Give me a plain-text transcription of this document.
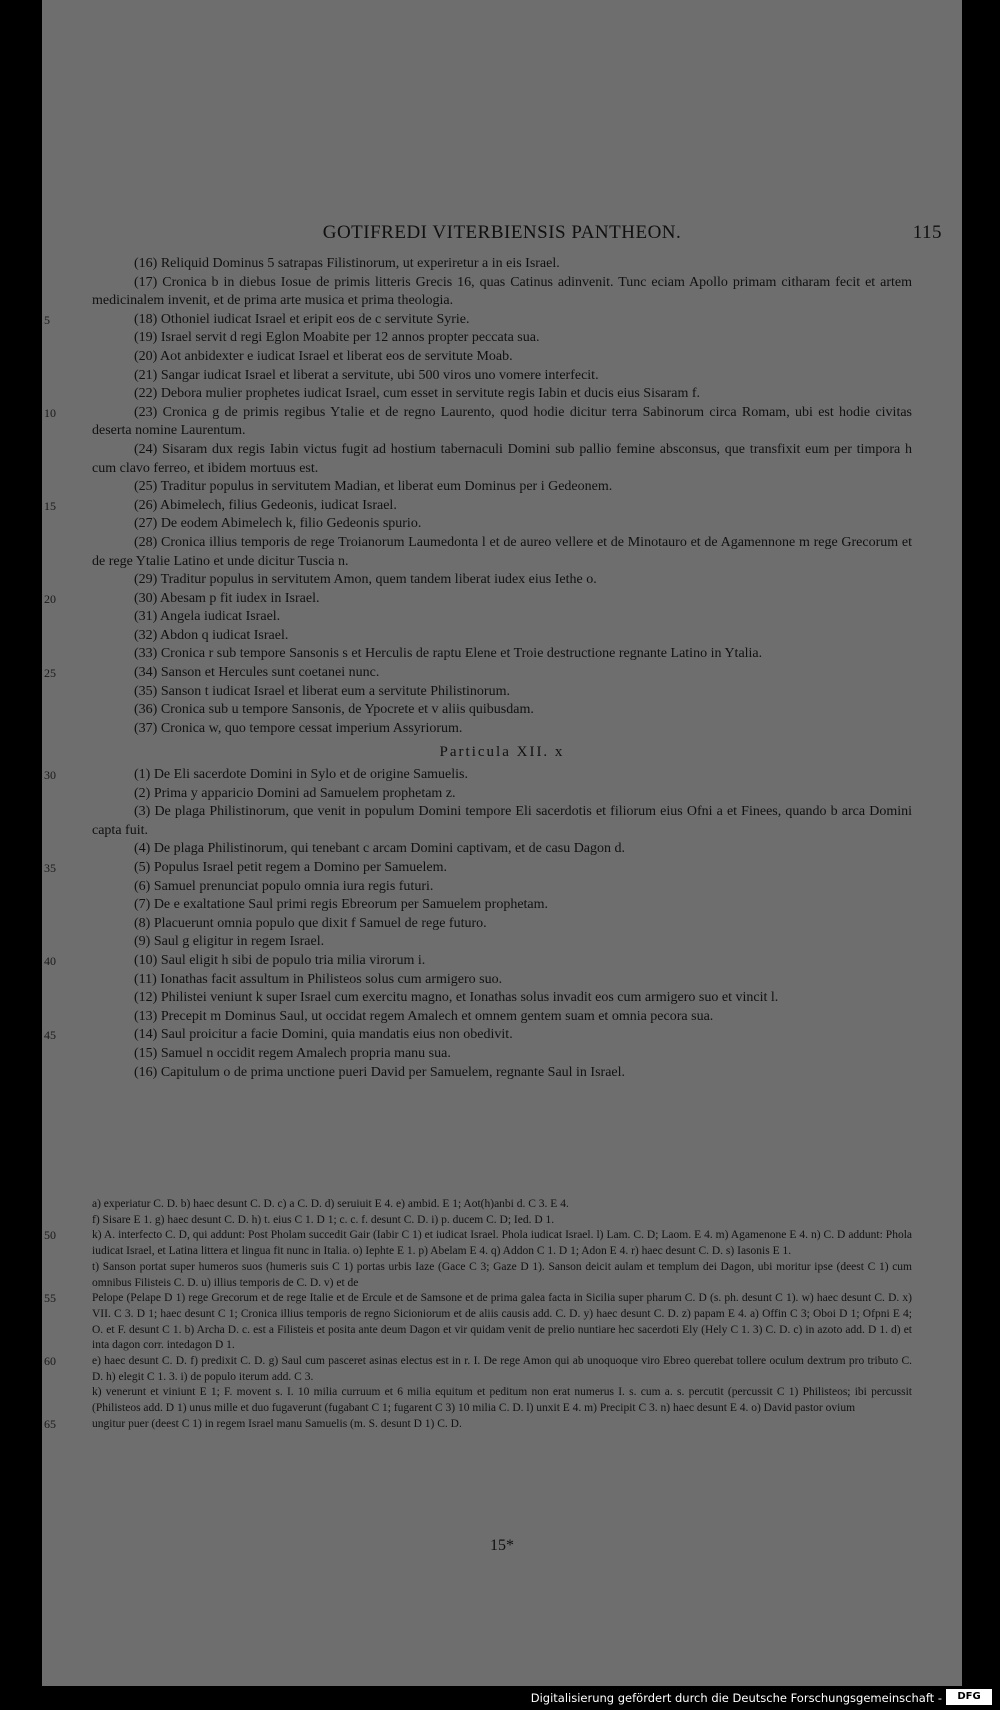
GOTIFREDI VITERBIENSIS PANTHEON.	115
(16) Reliquid Dominus 5 satrapas Filistinorum, ut experiretur a in eis Israel.
(17) Cronica b in diebus Iosue de primis litteris Grecis 16, quas Catinus adinvenit. Tunc eciam Apollo primam citharam fecit et artem medicinalem invenit, et de prima arte musica et prima theologia.
5	(18) Othoniel iudicat Israel et eripit eos de c servitute Syrie.
(19) Israel servit d regi Eglon Moabite per 12 annos propter peccata sua.
(20) Aot anbidexter e iudicat Israel et liberat eos de servitute Moab.
(21) Sangar iudicat Israel et liberat a servitute, ubi 500 viros uno vomere interfecit.
(22) Debora mulier prophetes iudicat Israel, cum esset in servitute regis Iabin et ducis eius Sisaram f.
10	(23) Cronica g de primis regibus Ytalie et de regno Laurento, quod hodie dicitur terra Sabinorum circa Romam, ubi est hodie civitas deserta nomine Laurentum.
(24) Sisaram dux regis Iabin victus fugit ad hostium tabernaculi Domini sub pallio femine absconsus, que transfixit eum per timpora h cum clavo ferreo, et ibidem mortuus est.
(25) Traditur populus in servitutem Madian, et liberat eum Dominus per i Gedeonem.
15	(26) Abimelech, filius Gedeonis, iudicat Israel.
(27) De eodem Abimelech k, filio Gedeonis spurio.
(28) Cronica illius temporis de rege Troianorum Laumedonta l et de aureo vellere et de Minotauro et de Agamennone m rege Grecorum et de rege Ytalie Latino et unde dicitur Tuscia n.
(29) Traditur populus in servitutem Amon, quem tandem liberat iudex eius Iethe o.
20	(30) Abesam p fit iudex in Israel.
(31) Angela iudicat Israel.
(32) Abdon q iudicat Israel.
(33) Cronica r sub tempore Sansonis s et Herculis de raptu Elene et Troie destructione regnante Latino in Ytalia.
25	(34) Sanson et Hercules sunt coetanei nunc.
(35) Sanson t iudicat Israel et liberat eum a servitute Philistinorum.
(36) Cronica sub u tempore Sansonis, de Ypocrete et v aliis quibusdam.
(37) Cronica w, quo tempore cessat imperium Assyriorum.
Particula XII. x
30	(1) De Eli sacerdote Domini in Sylo et de origine Samuelis.
(2) Prima y apparicio Domini ad Samuelem prophetam z.
(3) De plaga Philistinorum, que venit in populum Domini tempore Eli sacerdotis et filiorum eius Ofni a et Finees, quando b arca Domini capta fuit.
(4) De plaga Philistinorum, qui tenebant c arcam Domini captivam, et de casu Dagon d.
35	(5) Populus Israel petit regem a Domino per Samuelem.
(6) Samuel prenunciat populo omnia iura regis futuri.
(7) De e exaltatione Saul primi regis Ebreorum per Samuelem prophetam.
(8) Placuerunt omnia populo que dixit f Samuel de rege futuro.
(9) Saul g eligitur in regem Israel.
40	(10) Saul eligit h sibi de populo tria milia virorum i.
(11) Ionathas facit assultum in Philisteos solus cum armigero suo.
(12) Philistei veniunt k super Israel cum exercitu magno, et Ionathas solus invadit eos cum armigero suo et vincit l.
(13) Precepit m Dominus Saul, ut occidat regem Amalech et omnem gentem suam et omnia pecora sua.
45	(14) Saul proicitur a facie Domini, quia mandatis eius non obedivit.
(15) Samuel n occidit regem Amalech propria manu sua.
(16) Capitulum o de prima unctione pueri David per Samuelem, regnante Saul in Israel.
a) experiatur C. D. b) haec desunt C. D. c) a C. D. d) seruiuit E 4. e) ambid. E 1; Aot(h)anbi d. C 3. E 4.
f) Sisare E 1. g) haec desunt C. D. h) t. eius C 1. D 1; c. c. f. desunt C. D. i) p. ducem C. D; Ied. D 1.
50	k) A. interfecto C. D, qui addunt: Post Pholam succedit Gair (Iabir C 1) et iudicat Israel. Phola iudicat Israel. l) Lam. C. D; Laom. E 4. m) Agamenone E 4. n) C. D addunt: Phola iudicat Israel, et Latina littera et lingua fit nunc in Italia. o) Iephte E 1. p) Abelam E 4. q) Addon C 1. D 1; Adon E 4. r) haec desunt C. D. s) Iasonis E 1.
t) Sanson portat super humeros suos (humeris suis C 1) portas urbis Iaze (Gace C 3; Gaze D 1). Sanson deicit aulam et templum dei Dagon, ubi moritur ipse (deest C 1) cum omnibus Filisteis C. D. u) illius temporis de C. D. v) et de
55	Pelope (Pelape D 1) rege Grecorum et de rege Italie et de Ercule et de Samsone et de prima galea facta in Sicilia super pharum C. D (s. ph. desunt C 1). w) haec desunt C. D. x) VII. C 3. D 1; haec desunt C 1; Cronica illius temporis de regno Sicioniorum et de aliis causis add. C. D. y) haec desunt C. D. z) papam E 4. a) Offin C 3; Oboi D 1; Ofpni E 4; O. et F. desunt C 1. b) Archa D. c. est a Filisteis et posita ante deum Dagon et vir quidam venit de prelio nuntiare hec sacerdoti Ely (Hely C 1. 3) C. D. c) in azoto add. D 1. d) et inta dagon corr. intedagon D 1.
60	e) haec desunt C. D. f) predixit C. D. g) Saul cum pasceret asinas electus est in r. I. De rege Amon qui ab unoquoque viro Ebreo querebat tollere oculum dextrum pro tributo C. D. h) elegit C 1. 3. i) de populo iterum add. C 3.
k) venerunt et viniunt E 1; F. movent s. I. 10 milia curruum et 6 milia equitum et peditum non erat numerus I. s. cum a. s. percutit (percussit C 1) Philisteos; ibi percussit (Philisteos add. D 1) unus mille et duo fugaverunt (fugabant C 1; fugarent C 3) 10 milia C. D. l) unxit E 4. m) Precipit C 3. n) haec desunt E 4. o) David pastor ovium
65	ungitur puer (deest C 1) in regem Israel manu Samuelis (m. S. desunt D 1) C. D.
15*
Digitalisierung gefördert durch die Deutsche Forschungsgemeinschaft -	DFG
